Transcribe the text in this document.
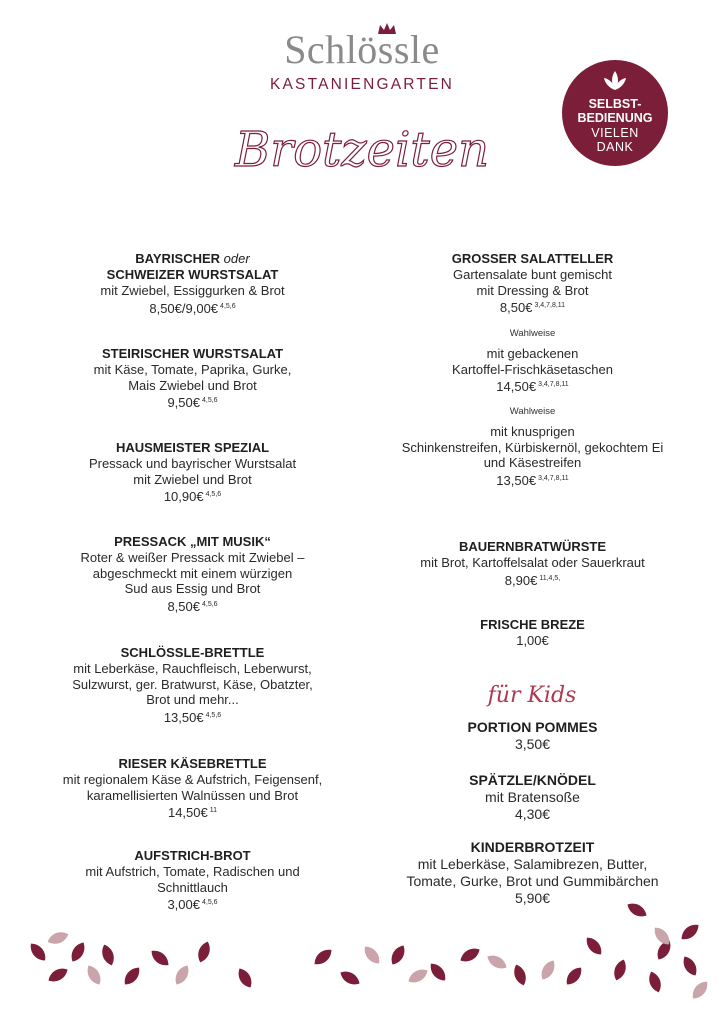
Schlössle
KASTANIENGARTEN
Brotzeiten
SELBST-
BEDIENUNG
VIELEN
DANK
BAYRISCHER oder
SCHWEIZER WURSTSALAT
mit Zwiebel, Essiggurken & Brot
8,50€/9,00€ $^{4,5,6}$
STEIRISCHER WURSTSALAT
mit Käse, Tomate, Paprika, Gurke,
Mais Zwiebel und Brot
9,50€ $^{4,5,6}$
HAUSMEISTER SPEZIAL
Pressack und bayrischer Wurstsalat
mit Zwiebel und Brot
10,90€ $^{4,5,6}$
PRESSACK „MIT MUSIK“
Roter & weißer Pressack mit Zwiebel –
abgeschmeckt mit einem würzigen
Sud aus Essig und Brot
8,50€ $^{4,5,6}$
SCHLÖSSLE-BRETTLE
mit Leberkäse, Rauchfleisch, Leberwurst,
Sulzwurst, ger. Bratwurst, Käse, Obatzter,
Brot und mehr...
13,50€ $^{4,5,6}$
RIESER KÄSEBRETTLE
mit regionalem Käse & Aufstrich, Feigensenf,
karamellisierten Walnüssen und Brot
14,50€ $^{11}$
AUFSTRICH-BROT
mit Aufstrich, Tomate, Radischen und
Schnittlauch
3,00€ $^{4,5,6}$
GROSSER SALATTELLER
Gartensalate bunt gemischt
mit Dressing & Brot
8,50€ $^{3,4,7,8,11}$
Wahlweise
mit gebackenen
Kartoffel-Frischkäsetaschen
14,50€ $^{3,4,7,8,11}$
Wahlweise
mit knusprigen
Schinkenstreifen, Kürbiskernöl, gekochtem Ei
und Käsestreifen
13,50€ $^{3,4,7,8,11}$
BAUERNBRATWÜRSTE
mit Brot, Kartoffelsalat oder Sauerkraut
8,90€ $^{11,4,5,}$
FRISCHE BREZE
1,00€
für Kids
PORTION POMMES
3,50€
SPÄTZLE/KNÖDEL
mit Bratensoße
4,30€
KINDERBROTZEIT
mit Leberkäse, Salamibrezen, Butter,
Tomate, Gurke, Brot und Gummibärchen
5,90€
